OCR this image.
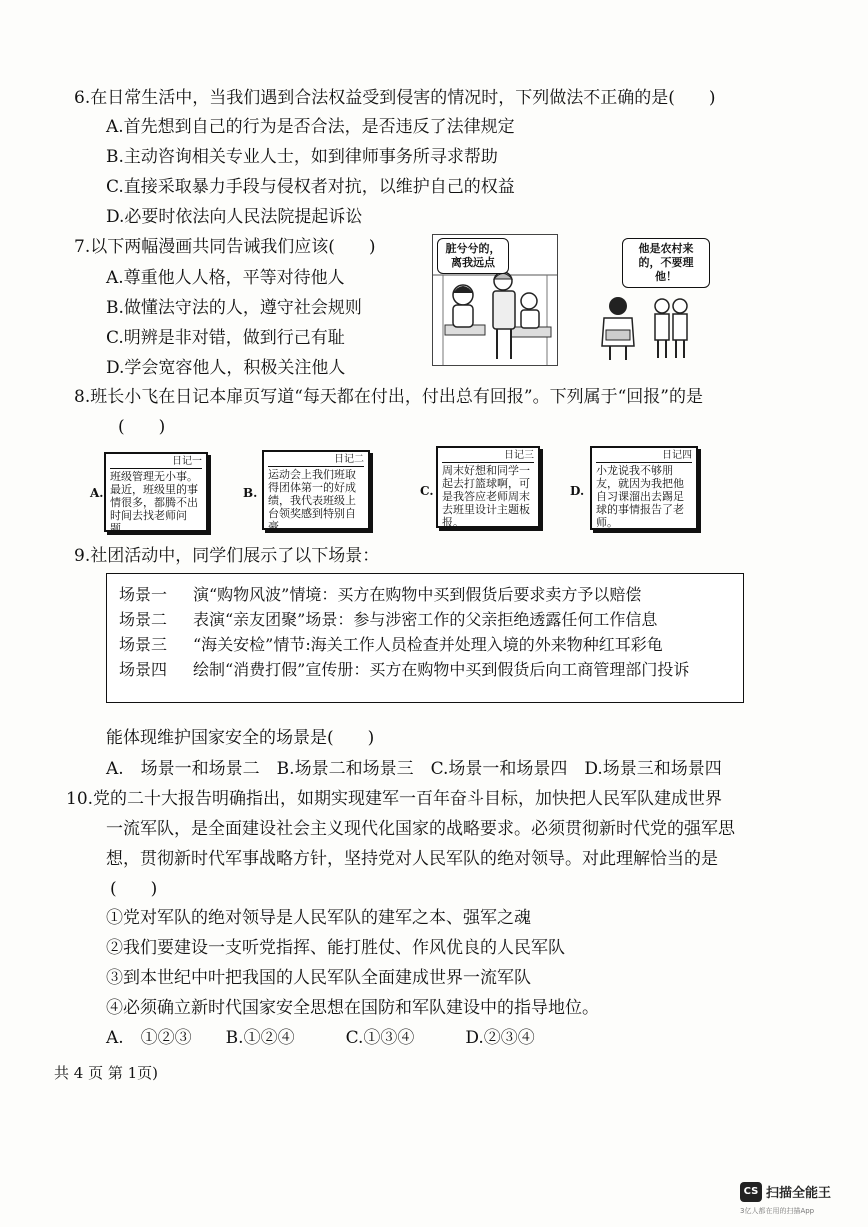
6.在日常生活中，当我们遇到合法权益受到侵害的情况时，下列做法不正确的是(　　)
A.首先想到自己的行为是否合法，是否违反了法律规定
B.主动咨询相关专业人士，如到律师事务所寻求帮助
C.直接采取暴力手段与侵权者对抗，以维护自己的权益
D.必要时依法向人民法院提起诉讼
7.以下两幅漫画共同告诫我们应该(　　)
A.尊重他人人格，平等对待他人
B.做懂法守法的人，遵守社会规则
C.明辨是非对错，做到行己有耻
D.学会宽容他人，积极关注他人
脏兮兮的，离我远点
他是农村来的，不要理他！
8.班长小飞在日记本扉页写道“每天都在付出，付出总有回报”。下列属于“回报”的是
(　　)
A.
日记一
班级管理无小事。最近，班级里的事情很多，都腾不出时间去找老师问题。
B.
日记二
运动会上我们班取得团体第一的好成绩，我代表班级上台领奖感到特别自豪。
C.
日记三
周末好想和同学一起去打篮球啊，可是我答应老师周末去班里设计主题板报。
D.
日记四
小龙说我不够朋友，就因为我把他自习课溜出去踢足球的事情报告了老师。
9.社团活动中，同学们展示了以下场景：
场景一 演“购物风波”情境：买方在购物中买到假货后要求卖方予以赔偿
场景二 表演“亲友团聚”场景：参与涉密工作的父亲拒绝透露任何工作信息
场景三 “海关安检”情节:海关工作人员检查并处理入境的外来物种红耳彩龟
场景四 绘制“消费打假”宣传册：买方在购物中买到假货后向工商管理部门投诉
能体现维护国家安全的场景是(　　)
A.　场景一和场景二　B.场景二和场景三　C.场景一和场景四　D.场景三和场景四
10.党的二十大报告明确指出，如期实现建军一百年奋斗目标，加快把人民军队建成世界
一流军队，是全面建设社会主义现代化国家的战略要求。必须贯彻新时代党的强军思
想，贯彻新时代军事战略方针，坚持党对人民军队的绝对领导。对此理解恰当的是
(　　)
①党对军队的绝对领导是人民军队的建军之本、强军之魂
②我们要建设一支听党指挥、能打胜仗、作风优良的人民军队
③到本世纪中叶把我国的人民军队全面建成世界一流军队
④必须确立新时代国家安全思想在国防和军队建设中的指导地位。
A.　①②③　　B.①②④　　　C.①③④　　　D.②③④
共 4 页 第 1页)
CS 扫描全能王
3亿人都在用的扫描App
